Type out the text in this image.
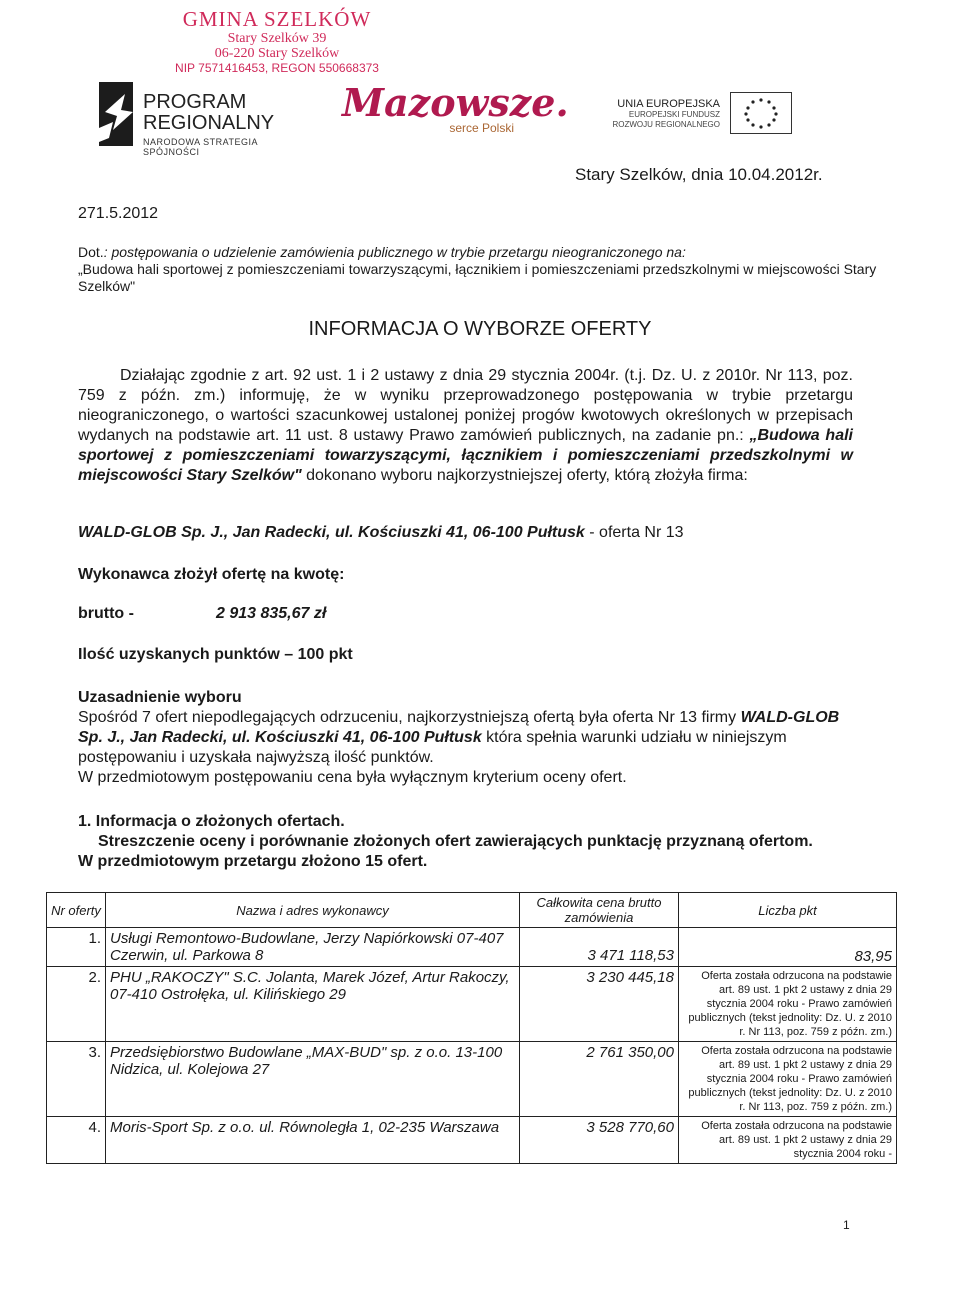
GMINA SZELKÓW
Stary Szelków 39
06-220 Stary Szelków
NIP 7571416453, REGON 550668373
PROGRAM
REGIONALNY
NARODOWA STRATEGIA SPÓJNOŚCI
Mazowsze.
serce Polski
UNIA EUROPEJSKA
EUROPEJSKI FUNDUSZ
ROZWOJU REGIONALNEGO
Stary Szelków, dnia 10.04.2012r.
271.5.2012
Dot.: postępowania o udzielenie zamówienia publicznego w trybie przetargu nieograniczonego na:
„Budowa hali sportowej z pomieszczeniami towarzyszącymi, łącznikiem i pomieszczeniami przedszkolnymi w miejscowości Stary Szelków"
INFORMACJA O WYBORZE OFERTY
Działając zgodnie z art. 92 ust. 1 i 2 ustawy z dnia 29 stycznia 2004r. (t.j. Dz. U. z 2010r. Nr 113, poz. 759 z późn. zm.) informuję, że w wyniku przeprowadzonego postępowania w trybie przetargu nieograniczonego, o wartości szacunkowej ustalonej poniżej progów kwotowych określonych w przepisach wydanych na podstawie art. 11 ust. 8 ustawy Prawo zamówień publicznych, na zadanie pn.: „Budowa hali sportowej z pomieszczeniami towarzyszącymi, łącznikiem i pomieszczeniami przedszkolnymi w miejscowości Stary Szelków" dokonano wyboru najkorzystniejszej oferty, którą złożyła firma:
WALD-GLOB Sp. J., Jan Radecki, ul. Kościuszki 41, 06-100 Pułtusk - oferta Nr 13
Wykonawca złożył ofertę na kwotę:
brutto -	2 913 835,67 zł
Ilość uzyskanych punktów – 100 pkt
Uzasadnienie wyboru
Spośród 7 ofert niepodlegających odrzuceniu, najkorzystniejszą ofertą była oferta Nr 13 firmy WALD-GLOB Sp. J., Jan Radecki, ul. Kościuszki 41, 06-100 Pułtusk która spełnia warunki udziału w niniejszym postępowaniu i uzyskała najwyższą ilość punktów.
W przedmiotowym postępowaniu cena była wyłącznym kryterium oceny ofert.
1. Informacja o złożonych ofertach.
Streszczenie oceny i porównanie złożonych ofert zawierających punktację przyznaną ofertom.
W przedmiotowym przetargu złożono 15 ofert.
Nr oferty	Nazwa i adres wykonawcy	Całkowita cena brutto zamówienia	Liczba pkt
1.	Usługi Remontowo-Budowlane, Jerzy Napiórkowski 07-407 Czerwin, ul. Parkowa 8	3 471 118,53	83,95
2.	PHU „RAKOCZY" S.C. Jolanta, Marek Józef, Artur Rakoczy, 07-410 Ostrołęka, ul. Kilińskiego 29	3 230 445,18	Oferta została odrzucona na podstawie art. 89 ust. 1 pkt 2 ustawy z dnia 29 stycznia 2004 roku - Prawo zamówień publicznych (tekst jednolity: Dz. U. z 2010 r. Nr 113, poz. 759 z późn. zm.)
3.	Przedsiębiorstwo Budowlane „MAX-BUD" sp. z o.o. 13-100 Nidzica, ul. Kolejowa 27	2 761 350,00	Oferta została odrzucona na podstawie art. 89 ust. 1 pkt 2 ustawy z dnia 29 stycznia 2004 roku - Prawo zamówień publicznych (tekst jednolity: Dz. U. z 2010 r. Nr 113, poz. 759 z późn. zm.)
4.	Moris-Sport Sp. z o.o. ul. Równoległa 1, 02-235 Warszawa	3 528 770,60	Oferta została odrzucona na podstawie art. 89 ust. 1 pkt 2 ustawy z dnia 29 stycznia 2004 roku -
1
